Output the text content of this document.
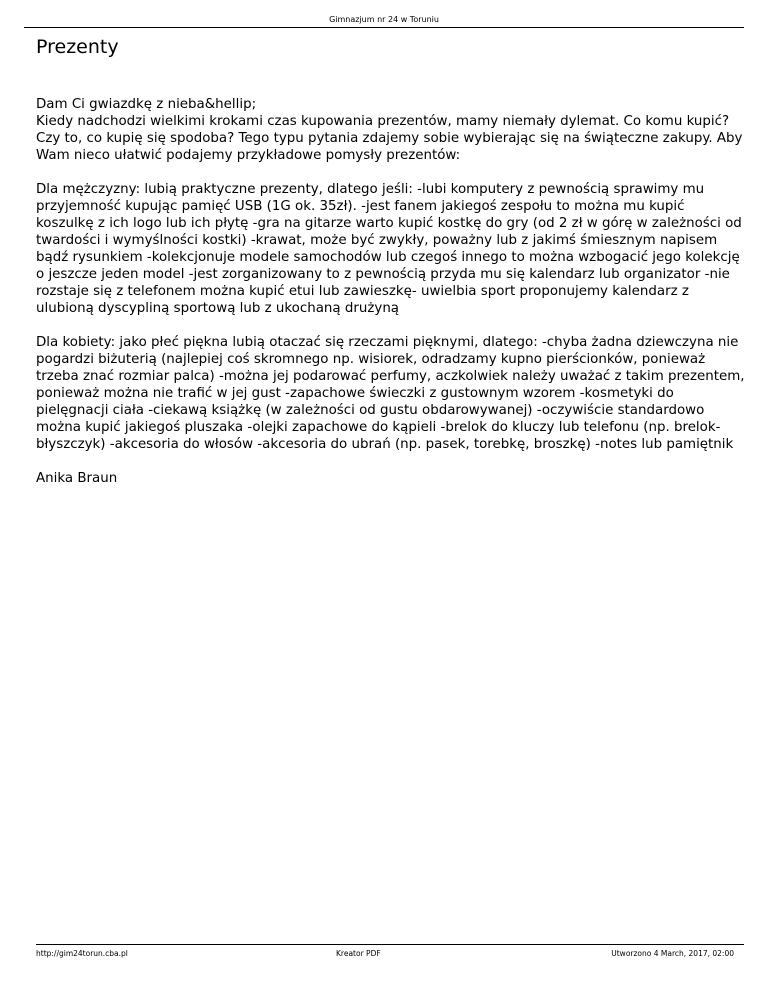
Gimnazjum nr 24 w Toruniu
Prezenty

Dam Ci gwiazdkę z nieba&hellip;

Kiedy nadchodzi wielkimi krokami czas kupowania prezentów, mamy niemały dylemat. Co komu kupić? Czy to, co kupię się spodoba? Tego typu pytania zdajemy sobie wybierając się na świąteczne zakupy. Aby Wam nieco ułatwić podajemy przykładowe pomysły prezentów:

Dla mężczyzny: lubią praktyczne prezenty, dlatego jeśli: -lubi komputery z pewnością sprawimy mu przyjemność kupując pamięć USB (1G ok. 35zł). -jest fanem jakiegoś zespołu to można mu kupić koszulkę z ich logo lub ich płytę -gra na gitarze warto kupić kostkę do gry (od 2 zł w górę w zależności od twardości i wymyślności kostki) -krawat, może być zwykły, poważny lub z jakimś śmiesznym napisem bądź rysunkiem -kolekcjonuje modele samochodów lub czegoś innego to można wzbogacić jego kolekcję o jeszcze jeden model -jest zorganizowany to z pewnością przyda mu się kalendarz lub organizator -nie rozstaje się z telefonem można kupić etui lub zawieszkę- uwielbia sport proponujemy kalendarz z ulubioną dyscypliną sportową lub z ukochaną drużyną

Dla kobiety: jako płeć piękna lubią otaczać się rzeczami pięknymi, dlatego: -chyba żadna dziewczyna nie pogardzi biżuterią (najlepiej coś skromnego np. wisiorek, odradzamy kupno pierścionków, ponieważ trzeba znać rozmiar palca) -można jej podarować perfumy, aczkolwiek należy uważać z takim prezentem, ponieważ można nie trafić w jej gust -zapachowe świeczki z gustownym wzorem -kosmetyki do pielęgnacji ciała -ciekawą książkę (w zależności od gustu obdarowywanej) -oczywiście standardowo można kupić jakiegoś pluszaka -olejki zapachowe do kąpieli -brelok do kluczy lub telefonu (np. brelok-błyszczyk) -akcesoria do włosów -akcesoria do ubrań (np. pasek, torebkę, broszkę) -notes lub pamiętnik

Anika Braun

http://gim24torun.cba.pl	Kreator PDF	Utworzono 4 March, 2017, 02:00
